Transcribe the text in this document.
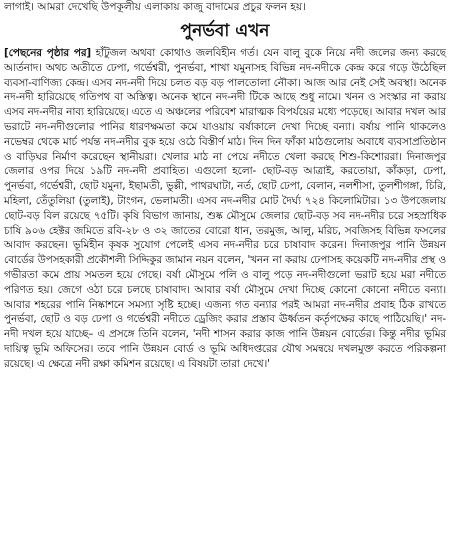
লাগাই। আমরা দেখেছি উপকূলীয় এলাকায় কাজু বাদামের প্রচুর ফলন হয়।
পুনর্ভবা এখন
[পেছনের পৃষ্ঠার পর] হাঁটুজল অথবা কোথাও জলবিহীন গর্ত। যেন বালু বুকে নিয়ে নদী জলের জন্য করছে আর্তনাদ। অথচ অতীতে ঢেপা, গর্ভেশ্বরী, পুনর্ভবা, শাখা যমুনাসহ বিভিন্ন নদ-নদীকে কেন্দ্র করে গড়ে উঠেছিল ব্যবসা-বাণিজ্য কেন্দ্র। এসব নদ-নদী দিয়ে চলত বড় বড় পালতোলা নৌকা। আজ আর নেই সেই অবস্থা। অনেক নদ-নদী হারিয়েছে গতিপথ বা অস্তিত্ব। অনেক স্থানে নদ-নদী টিকে আছে শুধু নামে। খনন ও সংস্কার না করায় এসব নদ-নদীর নাব্য হারিয়েছে। এতে এ অঞ্চলের পরিবেশ মারাত্মক বিপর্যয়ের মধ্যে পড়েছে। আবার দখল আর ভরাটে নদ-নদীগুলোর পানির ধারণক্ষমতা কমে যাওয়ায় বর্ষাকালে দেখা দিচ্ছে বন্যা। বর্ষায় পানি থাকলেও নভেম্বর থেকে মার্চ পর্যন্ত নদ-নদীর বুক হয়ে ওঠে বিস্তীর্ণ মাঠ। দিন দিন ফাঁকা মাঠগুলোয় অবাধে ব্যবসাপ্রতিষ্ঠান ও বাড়িঘর নির্মাণ করেছেন স্থানীয়রা। খেলার মাঠ না পেয়ে নদীতে খেলা করছে শিশু-কিশোররা। দিনাজপুর জেলার ওপর দিয়ে ১৯টি নদ-নদী প্রবাহিত। এগুলো হলো- ছোট-বড় আত্রাই, করতোয়া, কাঁকড়া, ঢেপা, পুনর্ভবা, গর্ভেশ্বরী, ছোট যমুনা, ইছামতী, ভুল্লী, পাথরঘাটা, নর্ত, ছোট ঢেপা, বেলান, নলশীসা, তুলশীগঙ্গা, চিরি, মহিলা, তেঁতুলিয়া (তুলাই), টাংগন, ভেলামতী। এসব নদ-নদীর মোট দৈর্ঘ্য ৭২৪ কিলোমিটার। ১৩ উপজেলায় ছোট-বড় বিল রয়েছে ৭৫টি। কৃষি বিভাগ জানায়, শুষ্ক মৌসুমে জেলার ছোট-বড় সব নদ-নদীর চরে সহস্রাধিক চাষি ৯০৬ হেক্টর জমিতে রবি-২৮ ও ৩২ জাতের বোরো ধান, তরমুজ, আলু, মরিচ, সবজিসহ বিভিন্ন ফসলের আবাদ করছেন। ভূমিহীন কৃষক সুযোগ পেলেই এসব নদ-নদীর চরে চাষাবাদ করেন। দিনাজপুর পানি উন্নয়ন বোর্ডের উপসহকারী প্রকৌশলী সিদ্দিকুর জামান নয়ন বলেন, 'খনন না করায় ঢেপাসহ কয়েকটি নদ-নদীর প্রস্থ ও গভীরতা কমে প্রায় সমতল হয়ে গেছে। বর্ষা মৌসুমে পলি ও বালু পড়ে নদ-নদীগুলো ভরাট হয়ে মরা নদীতে পরিণত হয়। জেগে ওঠা চরে চলছে চাষাবাদ। আবার বর্ষা মৌসুমে দেখা দিচ্ছে কোনো কোনো নদীতে বন্যা। আবার শহরের পানি নিষ্কাশনে সমস্যা সৃষ্টি হচ্ছে। এজন্য গত বন্যার পরই আমরা নদ-নদীর প্রবাহ ঠিক রাখতে পুনর্ভবা, ছোট ও বড় ঢেপা ও গর্ভেশ্বরী নদীতে ড্রেজিং করার প্রস্তাব ঊর্ধ্বতন কর্তৃপক্ষের কাছে পাঠিয়েছি।' নদ-নদী দখল হয়ে যাচ্ছে– এ প্রসঙ্গে তিনি বলেন, 'নদী শাসন করার কাজ পানি উন্নয়ন বোর্ডের। কিন্তু নদীর ভূমির দায়িত্ব ভূমি অফিসের। তবে পানি উন্নয়ন বোর্ড ও ভূমি অধিদপ্তরের যৌথ সমন্বয়ে দখলমুক্ত করতে পরিকল্পনা রয়েছে। এ ক্ষেত্রে নদী রক্ষা কমিশন রয়েছে। এ বিষয়টা তারা দেখে।'
